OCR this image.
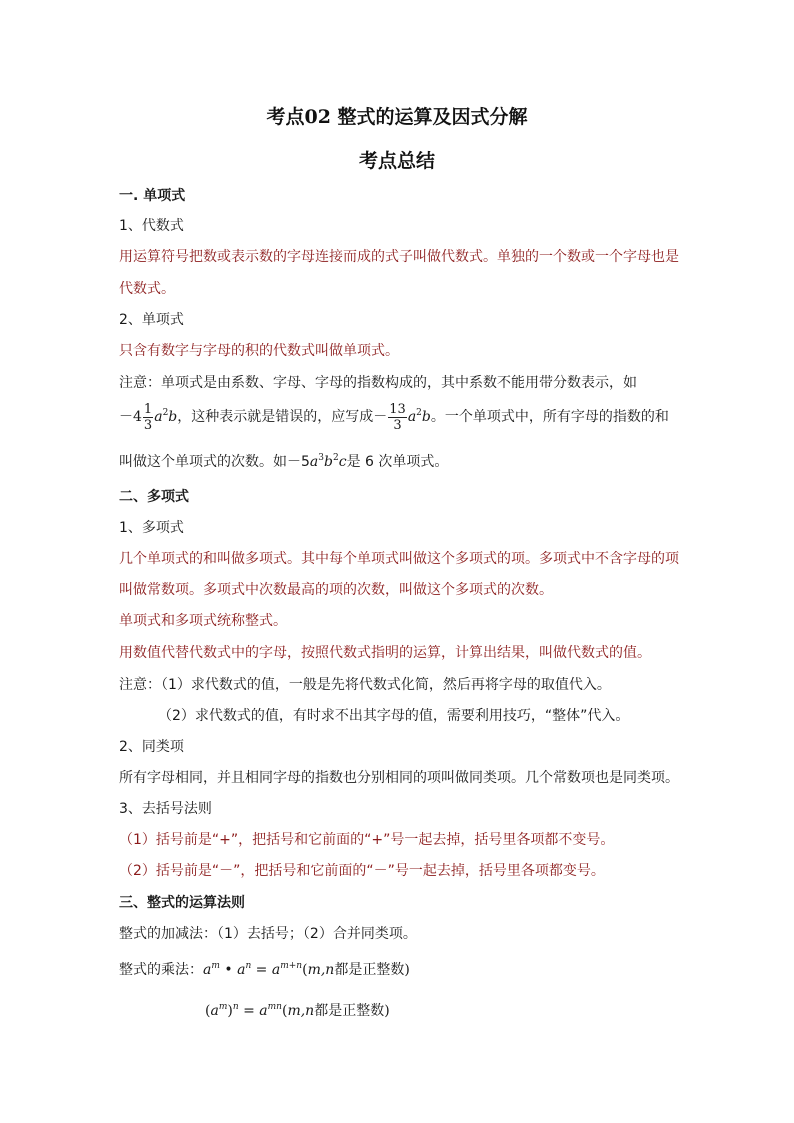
考点02 整式的运算及因式分解
考点总结
一. 单项式
1、代数式
用运算符号把数或表示数的字母连接而成的式子叫做代数式。单独的一个数或一个字母也是
代数式。
2、单项式
只含有数字与字母的积的代数式叫做单项式。
注意：单项式是由系数、字母、字母的指数构成的，其中系数不能用带分数表示，如
$-4 \frac{1}{3} a^2b$，这种表示就是错误的，应写成－ $\frac{13}{3} a^2b$。一个单项式中，所有字母的指数的和
叫做这个单项式的次数。如$-5a^3b^2c$是 6 次单项式。
二、多项式
1、多项式
几个单项式的和叫做多项式。其中每个单项式叫做这个多项式的项。多项式中不含字母的项
叫做常数项。多项式中次数最高的项的次数，叫做这个多项式的次数。
单项式和多项式统称整式。
用数值代替代数式中的字母，按照代数式指明的运算，计算出结果，叫做代数式的值。
注意：（1）求代数式的值，一般是先将代数式化简，然后再将字母的取值代入。
（2）求代数式的值，有时求不出其字母的值，需要利用技巧，“整体”代入。
2、同类项
所有字母相同，并且相同字母的指数也分别相同的项叫做同类项。几个常数项也是同类项。
3、去括号法则
（1）括号前是“+”，把括号和它前面的“+”号一起去掉，括号里各项都不变号。
（2）括号前是“－”，把括号和它前面的“－”号一起去掉，括号里各项都变号。
三、整式的运算法则
整式的加减法：（1）去括号；（2）合并同类项。
整式的乘法：$a^m$ • $a^n = a^{m+n}(m,n$都是正整数)
$(a^m)^n = a^{mn}(m,n$都是正整数)
